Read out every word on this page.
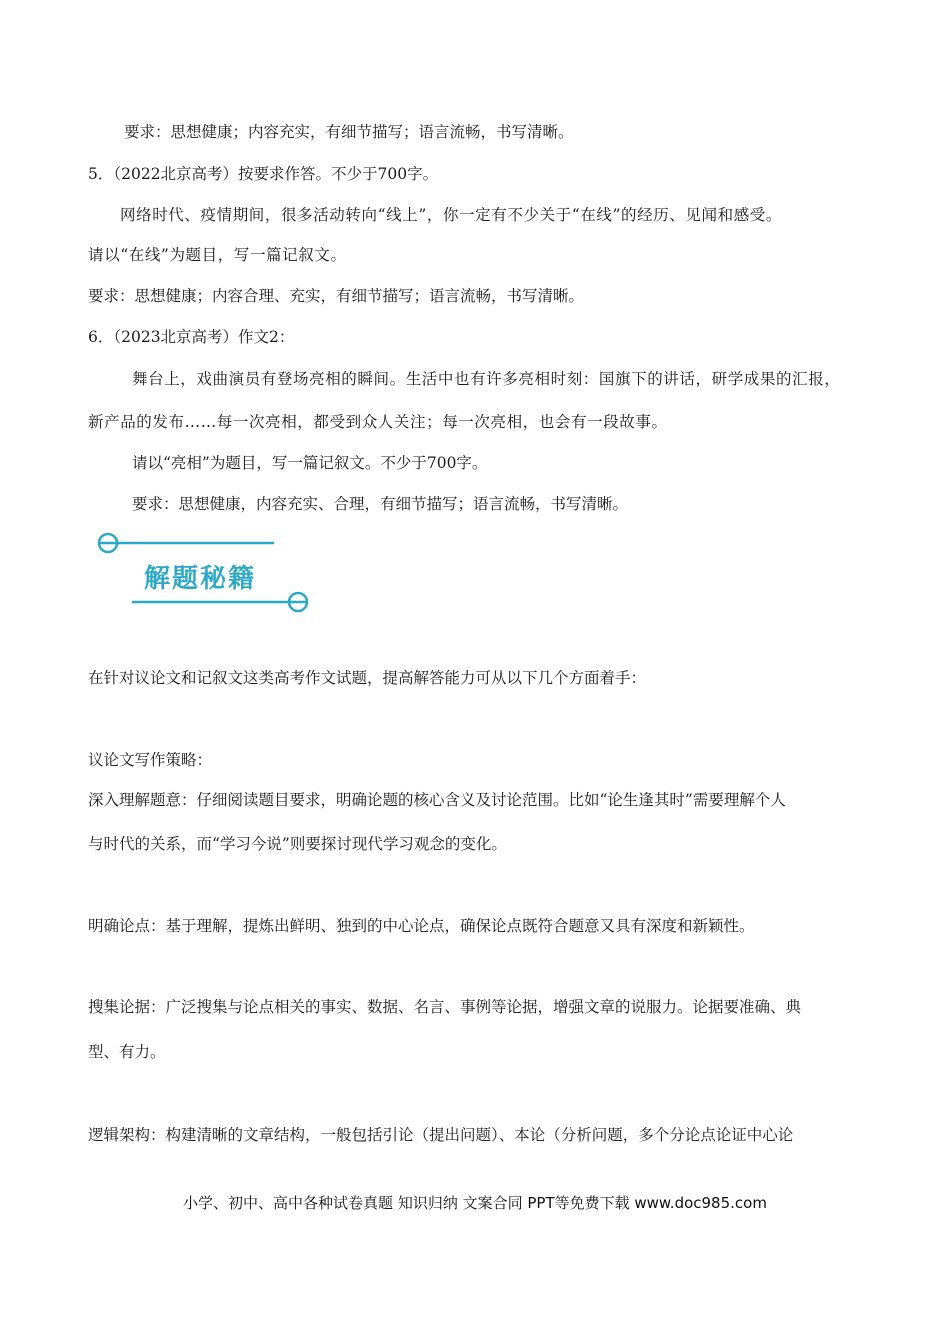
要求：思想健康；内容充实，有细节描写；语言流畅，书写清晰。
5．（2022北京高考）按要求作答。不少于700字。
网络时代、疫情期间，很多活动转向“线上”，你一定有不少关于“在线”的经历、见闻和感受。
请以“在线”为题目，写一篇记叙文。
要求：思想健康；内容合理、充实，有细节描写；语言流畅，书写清晰。
6．（2023北京高考）作文2：
舞台上，戏曲演员有登场亮相的瞬间。生活中也有许多亮相时刻：国旗下的讲话，研学成果的汇报，
新产品的发布……每一次亮相，都受到众人关注；每一次亮相，也会有一段故事。
请以“亮相”为题目，写一篇记叙文。不少于700字。
要求：思想健康，内容充实、合理，有细节描写；语言流畅，书写清晰。
解题秘籍
在针对议论文和记叙文这类高考作文试题，提高解答能力可从以下几个方面着手：
议论文写作策略：
深入理解题意：仔细阅读题目要求，明确论题的核心含义及讨论范围。比如“论生逢其时”需要理解个人
与时代的关系，而“学习今说”则要探讨现代学习观念的变化。
明确论点：基于理解，提炼出鲜明、独到的中心论点，确保论点既符合题意又具有深度和新颖性。
搜集论据：广泛搜集与论点相关的事实、数据、名言、事例等论据，增强文章的说服力。论据要准确、典
型、有力。
逻辑架构：构建清晰的文章结构，一般包括引论（提出问题）、本论（分析问题，多个分论点论证中心论
小学、初中、高中各种试卷真题 知识归纳 文案合同 PPT等免费下载 www.doc985.com
